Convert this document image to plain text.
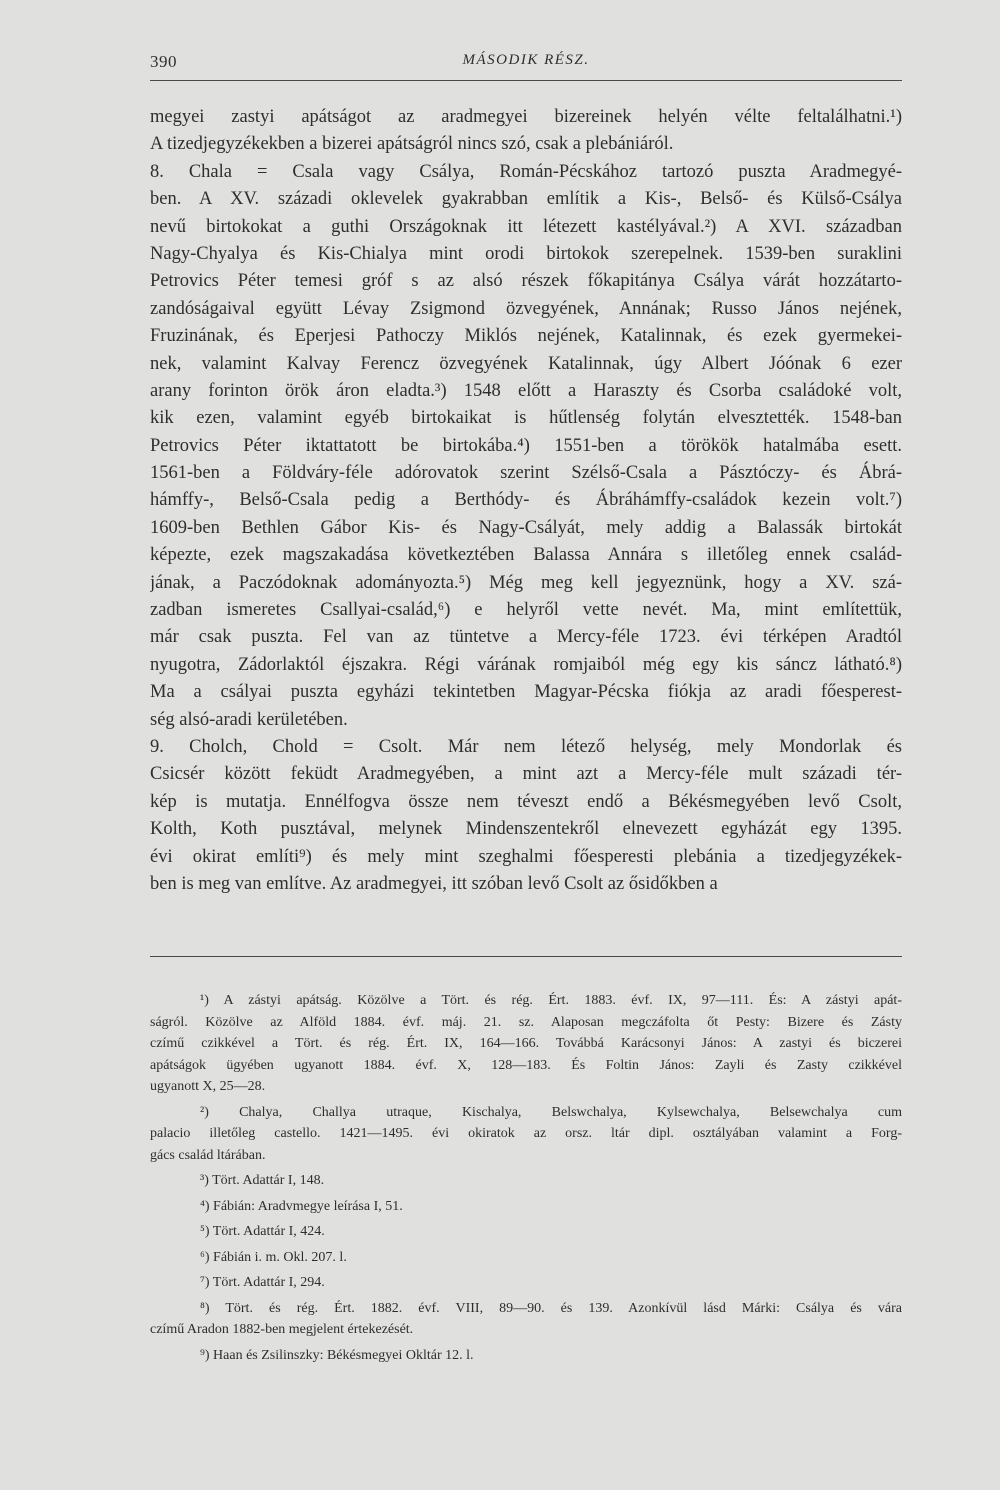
390	MÁSODIK RÉSZ.
megyei zastyi apátságot az aradmegyei bizereinek helyén vélte feltalálhatni.¹)
A tizedjegyzékekben a bizerei apátságról nincs szó, csak a plebániáról.
8. Chala = Csala vagy Csálya, Román-Pécskához tartozó puszta Aradmegyé-
ben. A XV. századi oklevelek gyakrabban említik a Kis-, Belső- és Külső-Csálya
nevű birtokokat a guthi Országoknak itt létezett kastélyával.²) A XVI. században
Nagy-Chyalya és Kis-Chialya mint orodi birtokok szerepelnek. 1539-ben suraklini
Petrovics Péter temesi gróf s az alsó részek főkapitánya Csálya várát hozzátarto-
zandóságaival együtt Lévay Zsigmond özvegyének, Annának; Russo János nejének,
Fruzinának, és Eperjesi Pathoczy Miklós nejének, Katalinnak, és ezek gyermekei-
nek, valamint Kalvay Ferencz özvegyének Katalinnak, úgy Albert Jóónak 6 ezer
arany forinton örök áron eladta.³) 1548 előtt a Haraszty és Csorba családoké volt,
kik ezen, valamint egyéb birtokaikat is hűtlenség folytán elvesztették. 1548-ban
Petrovics Péter iktattatott be birtokába.⁴) 1551-ben a törökök hatalmába esett.
1561-ben a Földváry-féle adórovatok szerint Szélső-Csala a Pásztóczy- és Ábrá-
hámffy-, Belső-Csala pedig a Berthódy- és Ábráhámffy-családok kezein volt.⁷)
1609-ben Bethlen Gábor Kis- és Nagy-Csályát, mely addig a Balassák birtokát
képezte, ezek magszakadása következtében Balassa Annára s illetőleg ennek család-
jának, a Paczódoknak adományozta.⁵) Még meg kell jegyeznünk, hogy a XV. szá-
zadban ismeretes Csallyai-család,⁶) e helyről vette nevét. Ma, mint említettük,
már csak puszta. Fel van az tüntetve a Mercy-féle 1723. évi térképen Aradtól
nyugotra, Zádorlaktól éjszakra. Régi várának romjaiból még egy kis sáncz látható.⁸)
Ma a csályai puszta egyházi tekintetben Magyar-Pécska fiókja az aradi főesperest-
ség alsó-aradi kerületében.
9. Cholch, Chold = Csolt. Már nem létező helység, mely Mondorlak és
Csicsér között feküdt Aradmegyében, a mint azt a Mercy-féle mult századi tér-
kép is mutatja. Ennélfogva össze nem téveszt endő a Békésmegyében levő Csolt,
Kolth, Koth pusztával, melynek Mindenszentekről elnevezett egyházát egy 1395.
évi okirat említi⁹) és mely mint szeghalmi főesperesti plebánia a tizedjegyzékek-
ben is meg van említve. Az aradmegyei, itt szóban levő Csolt az ősidőkben a
¹) A zástyi apátság. Közölve a Tört. és rég. Ért. 1883. évf. IX, 97—111. És: A zástyi apát-
ságról. Közölve az Alföld 1884. évf. máj. 21. sz. Alaposan megczáfolta őt Pesty: Bizere és Zásty
czímű czikkével a Tört. és rég. Ért. IX, 164—166. Továbbá Karácsonyi János: A zastyi és biczerei
apátságok ügyében ugyanott 1884. évf. X, 128—183. És Foltin János: Zayli és Zasty czikkével
ugyanott X, 25—28.
²) Chalya, Challya utraque, Kischalya, Belswchalya, Kylsewchalya, Belsewchalya cum
palacio illetőleg castello. 1421—1495. évi okiratok az orsz. ltár dipl. osztályában valamint a Forg-
gács család ltárában.
³) Tört. Adattár I, 148.
⁴) Fábián: Aradvmegye leírása I, 51.
⁵) Tört. Adattár I, 424.
⁶) Fábián i. m. Okl. 207. l.
⁷) Tört. Adattár I, 294.
⁸) Tört. és rég. Ért. 1882. évf. VIII, 89—90. és 139. Azonkívül lásd Márki: Csálya és vára
czímű Aradon 1882-ben megjelent értekezését.
⁹) Haan és Zsilinszky: Békésmegyei Okltár 12. l.
